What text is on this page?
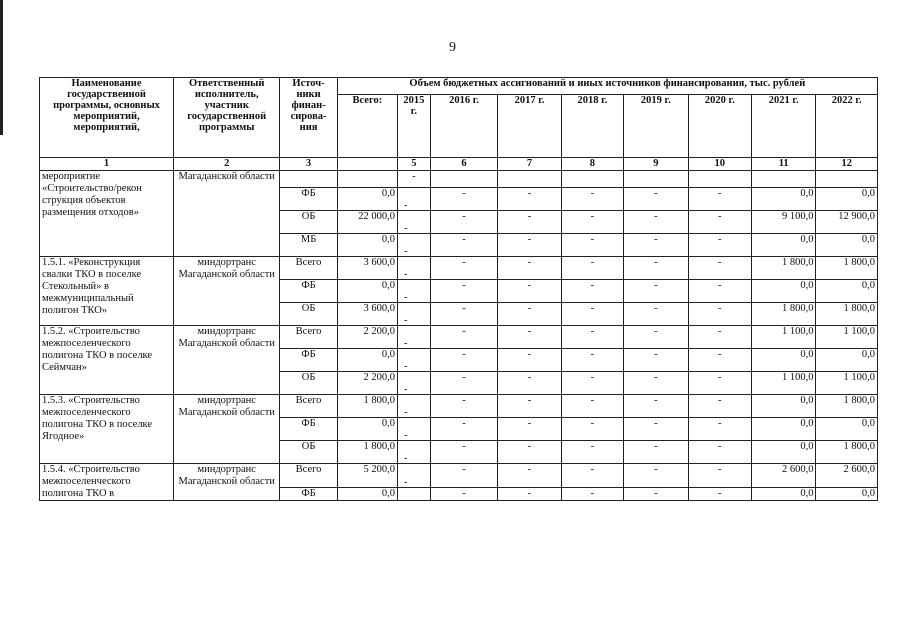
9
Наименование государственной программы, основных мероприятий, мероприятий,	Ответственный исполнитель, участник государственной программы	Источ-ники финан-сирова-ния	Объем бюджетных ассигнований и иных источников финансирования, тыс. рублей								
			Всего:	2015 г.	2016 г.	2017 г.	2018 г.	2019 г.	2020 г.	2021 г.	2022 г.
1	2	3		5	6	7	8	9	10	11	12
мероприятие «Строительство/рекон струкция объектов размещения отходов»	Магаданской области			-							
		ФБ	0,0	-	-	-	-	-	-	0,0	0,0
		ОБ	22 000,0	-	-	-	-	-	-	9 100,0	12 900,0
		МБ	0,0	-	-	-	-	-	-	0,0	0,0
1.5.1. «Реконструкция свалки ТКО в поселке Стекольный» в межмуниципальный полигон ТКО»	миндортранс Магаданской области	Всего	3 600,0	-	-	-	-	-	-	1 800,0	1 800,0
		ФБ	0,0	-	-	-	-	-	-	0,0	0,0
		ОБ	3 600,0	-	-	-	-	-	-	1 800,0	1 800,0
1.5.2. «Строительство межпоселенческого полигона ТКО в поселке Сеймчан»	миндортранс Магаданской области	Всего	2 200,0	-	-	-	-	-	-	1 100,0	1 100,0
		ФБ	0,0	-	-	-	-	-	-	0,0	0,0
		ОБ	2 200,0	-	-	-	-	-	-	1 100,0	1 100,0
1.5.3. «Строительство межпоселенческого полигона ТКО в поселке Ягодное»	миндортранс Магаданской области	Всего	1 800,0	-	-	-	-	-	-	0,0	1 800,0
		ФБ	0,0	-	-	-	-	-	-	0,0	0,0
		ОБ	1 800,0	-	-	-	-	-	-	0,0	1 800,0
1.5.4. «Строительство межпоселенческого полигона ТКО в	миндортранс Магаданской области	Всего	5 200,0	-	-	-	-	-	-	2 600,0	2 600,0
		ФБ	0,0		-	-	-	-	-	0,0	0,0
